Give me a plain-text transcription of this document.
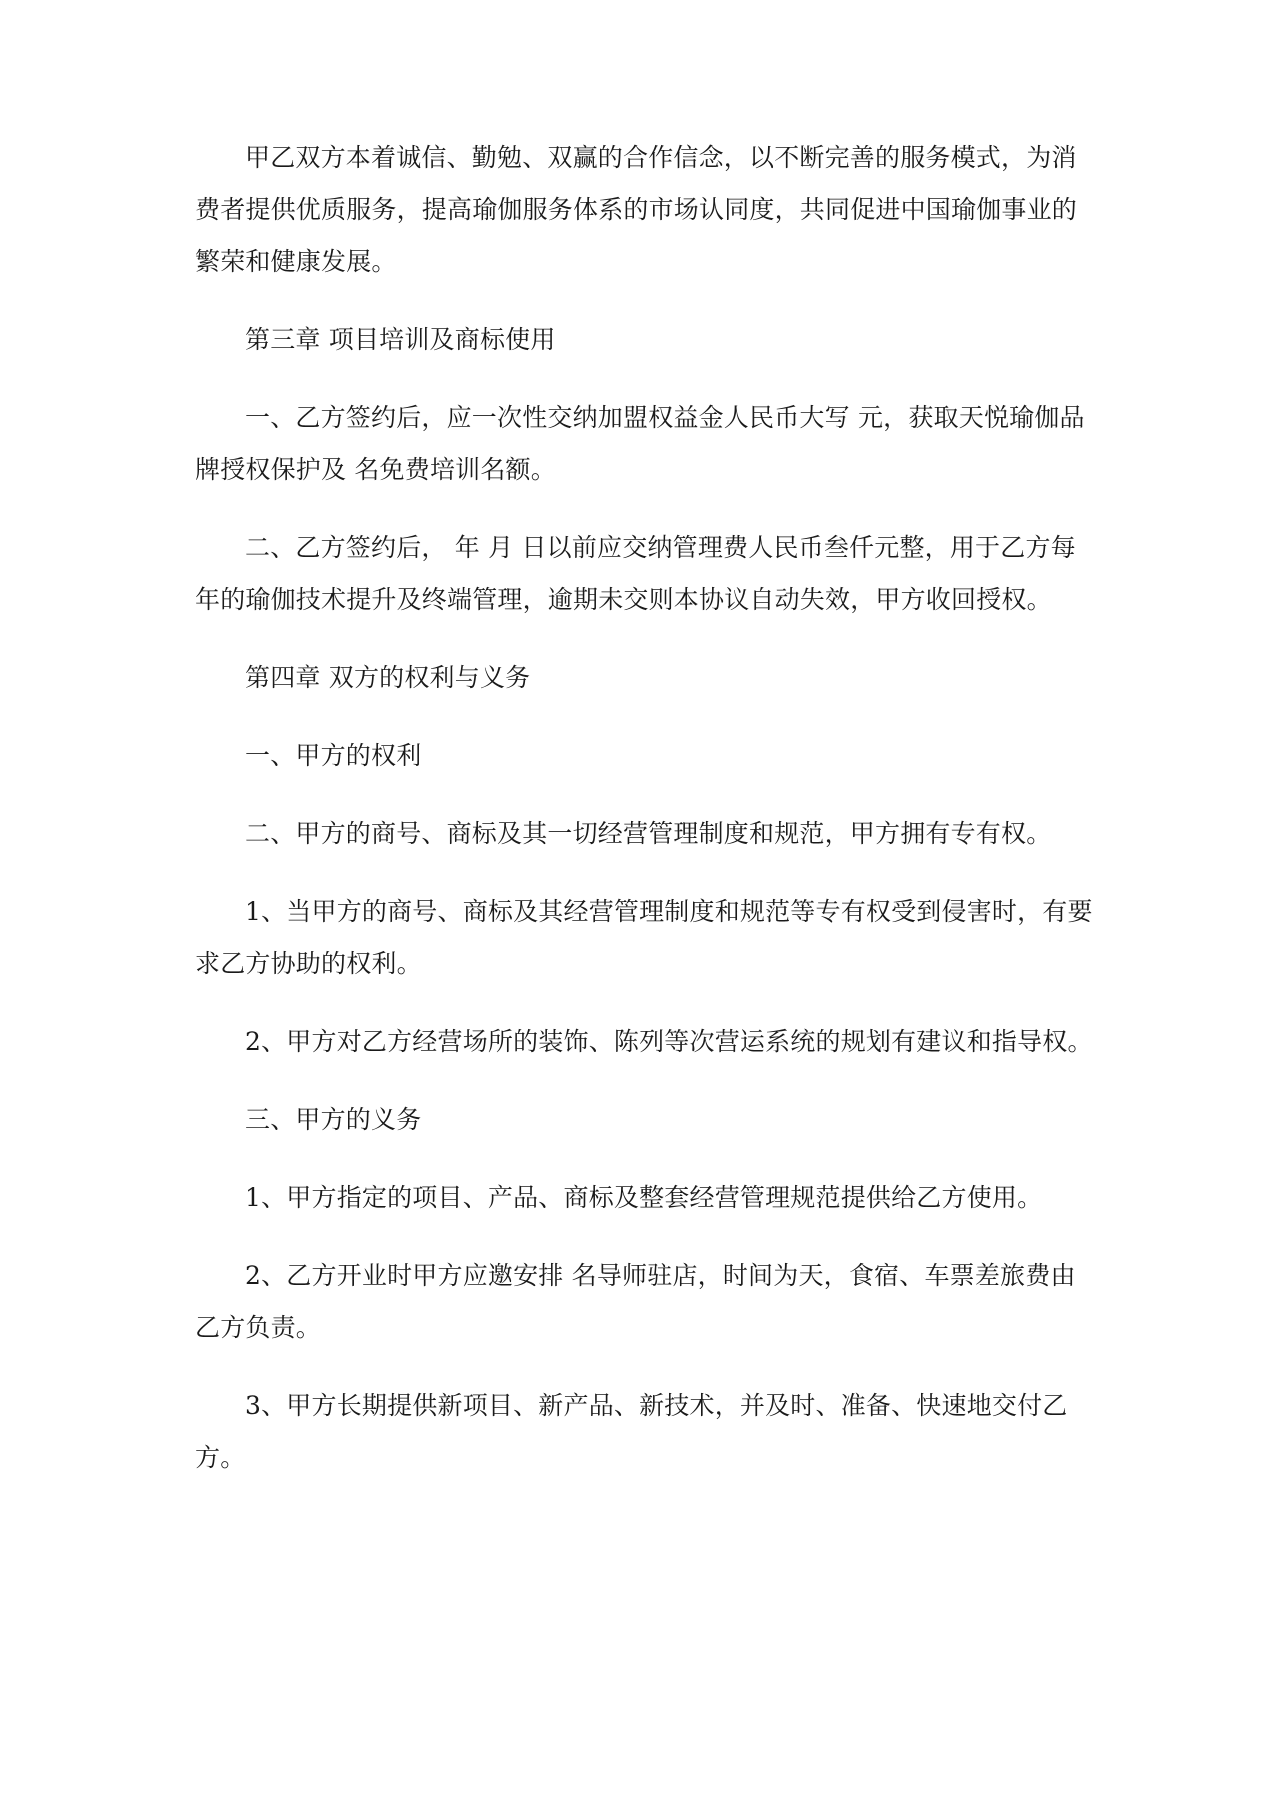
甲乙双方本着诚信、勤勉、双赢的合作信念，以不断完善的服务模式，为消费者提供优质服务，提高瑜伽服务体系的市场认同度，共同促进中国瑜伽事业的繁荣和健康发展。

第三章 项目培训及商标使用

一、乙方签约后，应一次性交纳加盟权益金人民币大写 元，获取天悦瑜伽品牌授权保护及 名免费培训名额。

二、乙方签约后， 年 月 日以前应交纳管理费人民币叁仟元整，用于乙方每年的瑜伽技术提升及终端管理，逾期未交则本协议自动失效，甲方收回授权。

第四章 双方的权利与义务

一、甲方的权利

二、甲方的商号、商标及其一切经营管理制度和规范，甲方拥有专有权。

1、当甲方的商号、商标及其经营管理制度和规范等专有权受到侵害时，有要求乙方协助的权利。

2、甲方对乙方经营场所的装饰、陈列等次营运系统的规划有建议和指导权。

三、甲方的义务

1、甲方指定的项目、产品、商标及整套经营管理规范提供给乙方使用。

2、乙方开业时甲方应邀安排 名导师驻店，时间为天，食宿、车票差旅费由乙方负责。

3、甲方长期提供新项目、新产品、新技术，并及时、准备、快速地交付乙方。
